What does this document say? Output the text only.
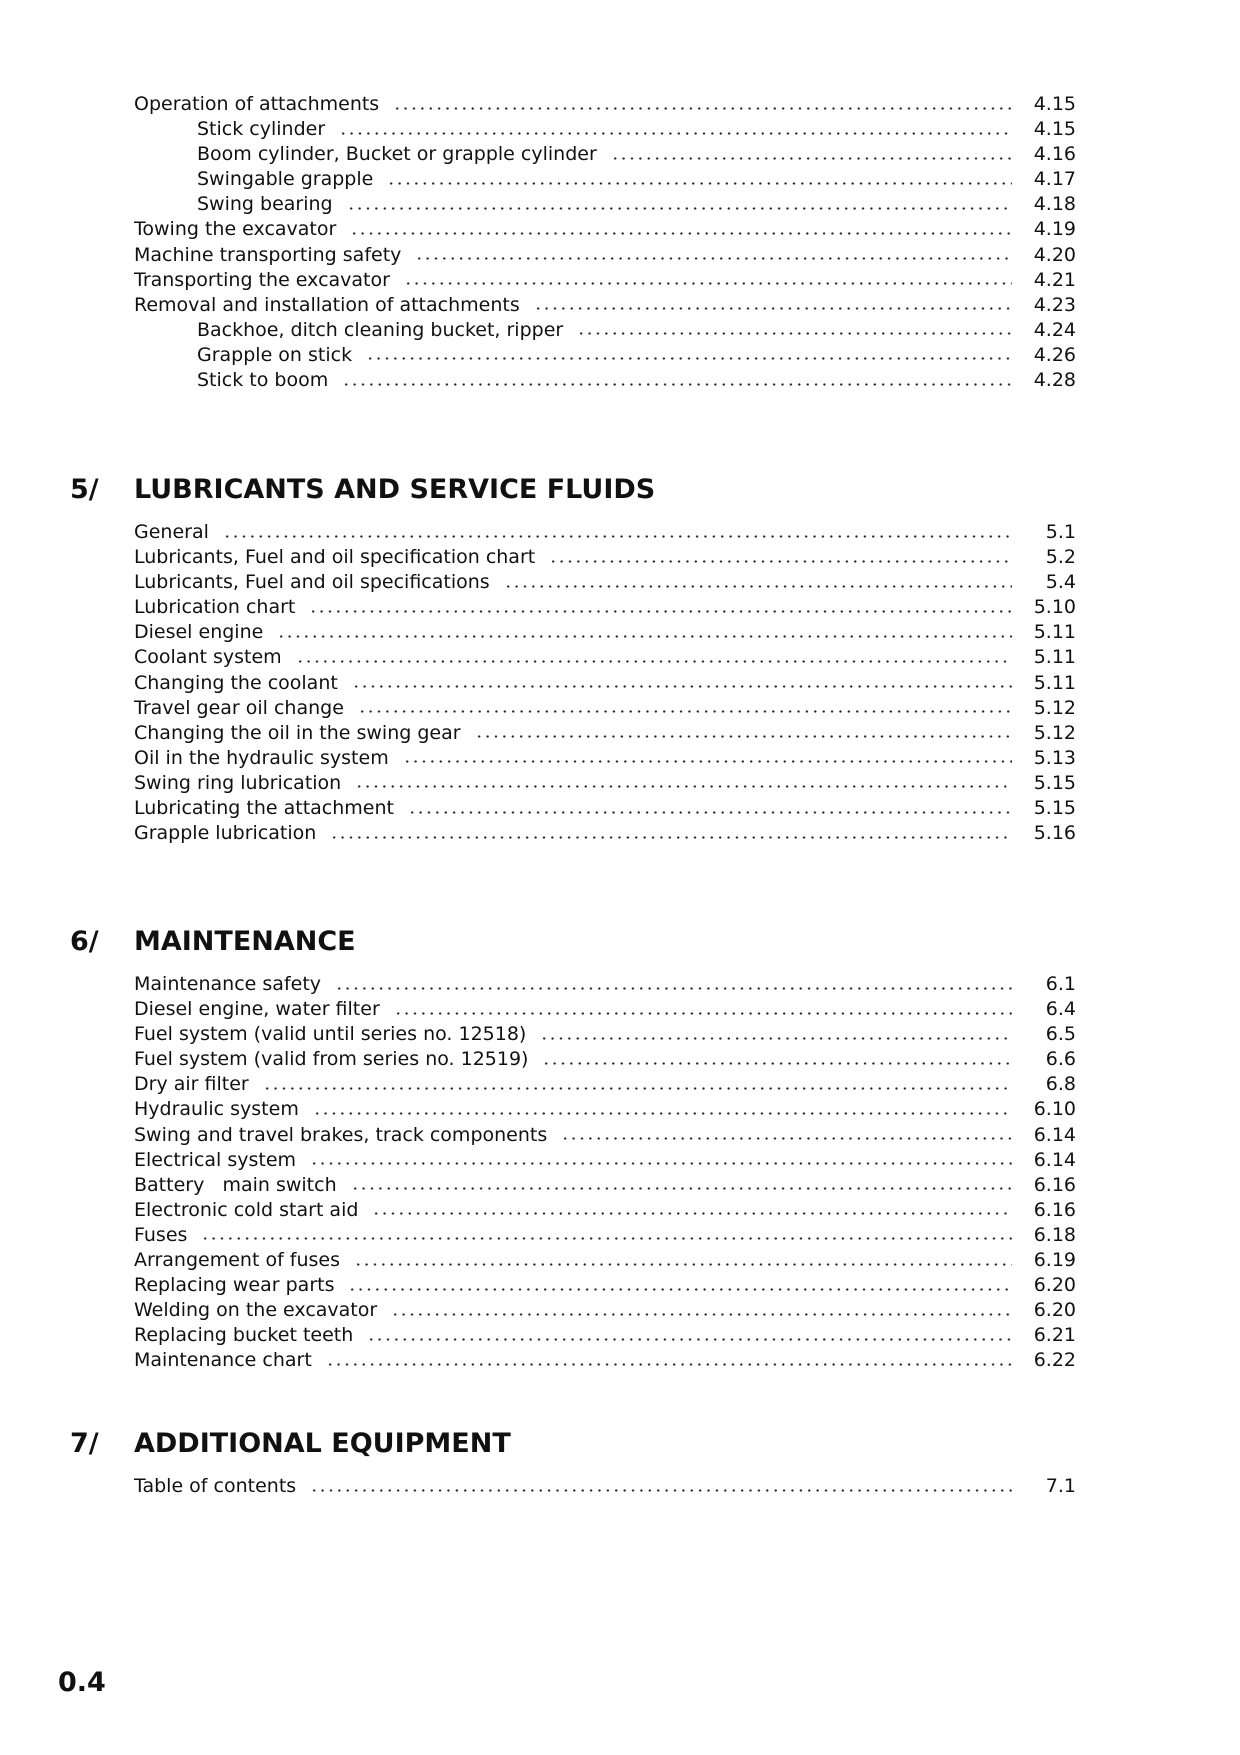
Operation of attachments	4.15
Stick cylinder	4.15
Boom cylinder, Bucket or grapple cylinder	4.16
Swingable grapple	4.17
Swing bearing	4.18
Towing the excavator	4.19
Machine transporting safety	4.20
Transporting the excavator	4.21
Removal and installation of attachments	4.23
Backhoe, ditch cleaning bucket, ripper	4.24
Grapple on stick	4.26
Stick to boom	4.28
5/ LUBRICANTS AND SERVICE FLUIDS
General	5.1
Lubricants, Fuel and oil specification chart	5.2
Lubricants, Fuel and oil specifications	5.4
Lubrication chart	5.10
Diesel engine	5.11
Coolant system	5.11
Changing the coolant	5.11
Travel gear oil change	5.12
Changing the oil in the swing gear	5.12
Oil in the hydraulic system	5.13
Swing ring lubrication	5.15
Lubricating the attachment	5.15
Grapple lubrication	5.16
6/ MAINTENANCE
Maintenance safety	6.1
Diesel engine, water filter	6.4
Fuel system (valid until series no. 12518)	6.5
Fuel system (valid from series no. 12519)	6.6
Dry air filter	6.8
Hydraulic system	6.10
Swing and travel brakes, track components	6.14
Electrical system	6.14
Battery   main switch	6.16
Electronic cold start aid	6.16
Fuses	6.18
Arrangement of fuses	6.19
Replacing wear parts	6.20
Welding on the excavator	6.20
Replacing bucket teeth	6.21
Maintenance chart	6.22
7/ ADDITIONAL EQUIPMENT
Table of contents	7.1
0.4
